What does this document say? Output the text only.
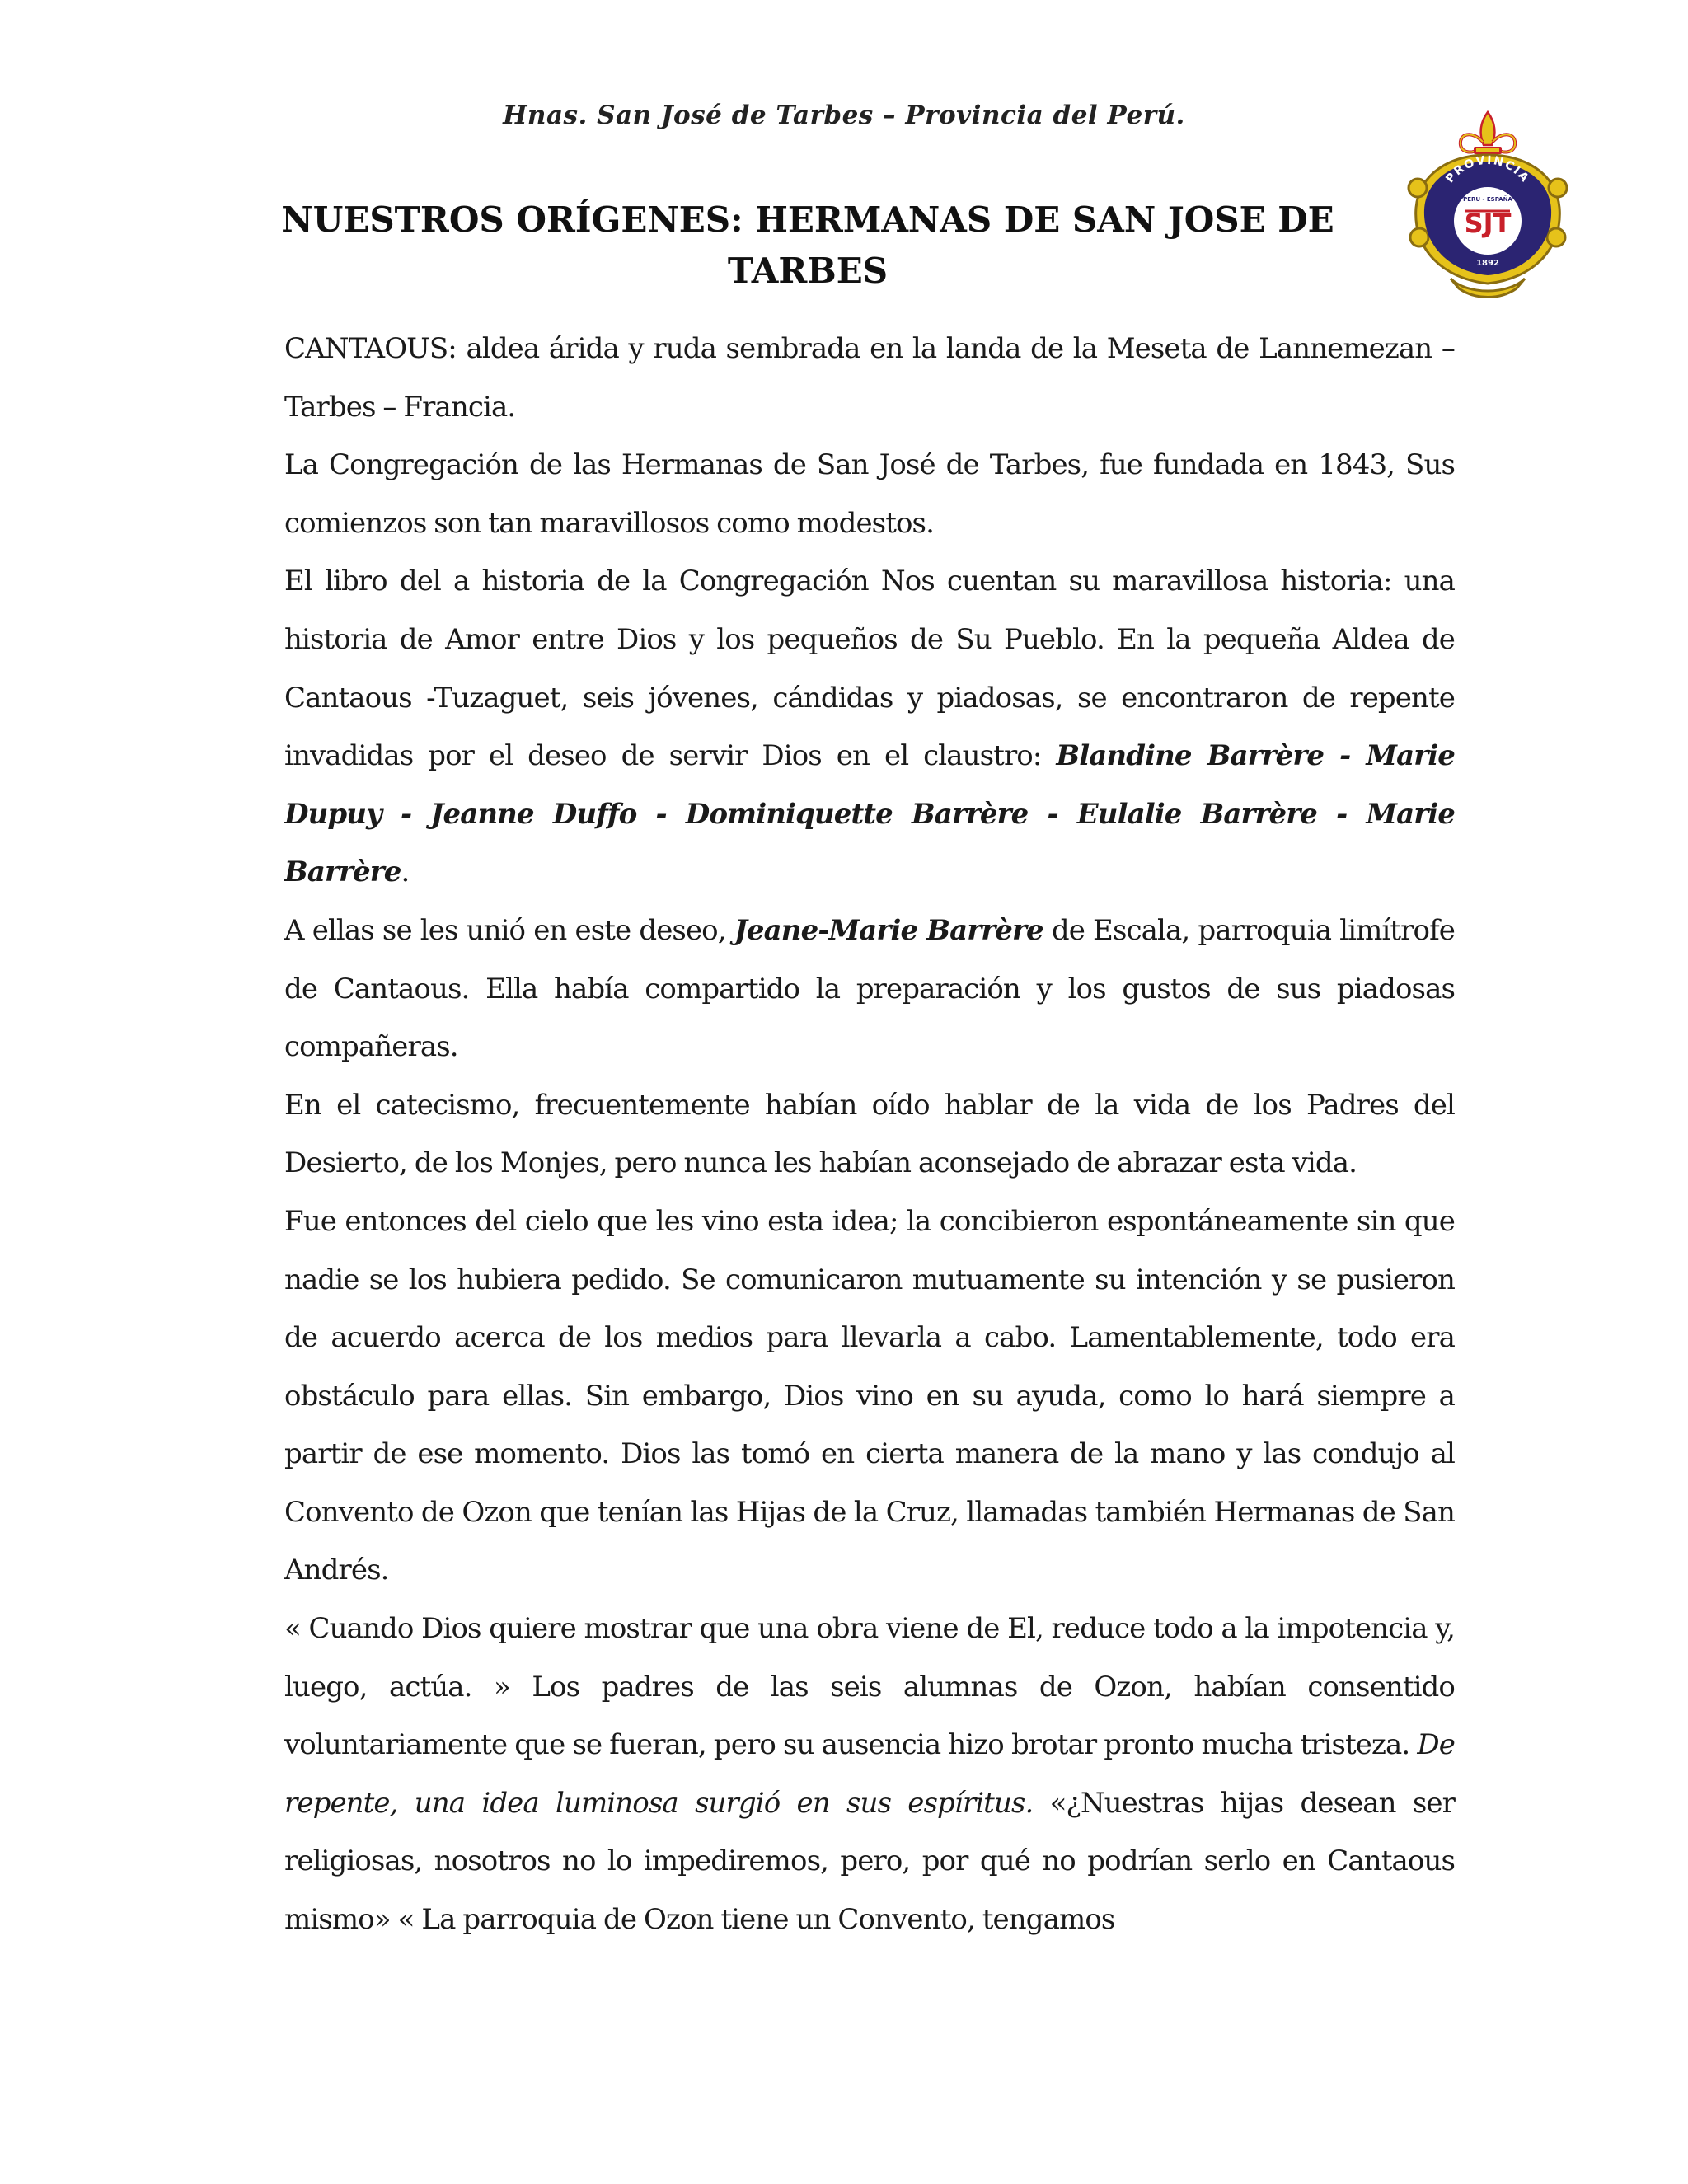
Hnas. San José de Tarbes – Provincia del Perú.
NUESTROS ORÍGENES: HERMANAS DE SAN JOSE DE
TARBES
PROVINCIA
PERU - ESPAÑA
SJT
1892

CANTAOUS: aldea árida y ruda sembrada en la landa de la Meseta de Lannemezan – Tarbes – Francia.

La Congregación de las Hermanas de San José de Tarbes, fue fundada en 1843, Sus comienzos son tan maravillosos como modestos.

El libro del a historia de la Congregación Nos cuentan su maravillosa historia: una historia de Amor entre Dios y los pequeños de Su Pueblo. En la pequeña Aldea de Cantaous -Tuzaguet, seis jóvenes, cándidas y piadosas, se encontraron de repente invadidas por el deseo de servir Dios en el claustro: Blandine Barrère - Marie Dupuy - Jeanne Duffo - Dominiquette Barrère - Eulalie Barrère - Marie Barrère.

A ellas se les unió en este deseo, Jeane-Marie Barrère de Escala, parroquia limítrofe de Cantaous. Ella había compartido la preparación y los gustos de sus piadosas compañeras.

En el catecismo, frecuentemente habían oído hablar de la vida de los Padres del Desierto, de los Monjes, pero nunca les habían aconsejado de abrazar esta vida.

Fue entonces del cielo que les vino esta idea; la concibieron espontáneamente sin que nadie se los hubiera pedido. Se comunicaron mutuamente su intención y se pusieron de acuerdo acerca de los medios para llevarla a cabo. Lamentablemente, todo era obstáculo para ellas. Sin embargo, Dios vino en su ayuda, como lo hará siempre a partir de ese momento. Dios las tomó en cierta manera de la mano y las condujo al Convento de Ozon que tenían las Hijas de la Cruz, llamadas también Hermanas de San Andrés.

« Cuando Dios quiere mostrar que una obra viene de El, reduce todo a la impotencia y, luego, actúa. » Los padres de las seis alumnas de Ozon, habían consentido voluntariamente que se fueran, pero su ausencia hizo brotar pronto mucha tristeza. De repente, una idea luminosa surgió en sus espíritus. «¿Nuestras hijas desean ser religiosas, nosotros no lo impediremos, pero, por qué no podrían serlo en Cantaous mismo» « La parroquia de Ozon tiene un Convento, tengamos
